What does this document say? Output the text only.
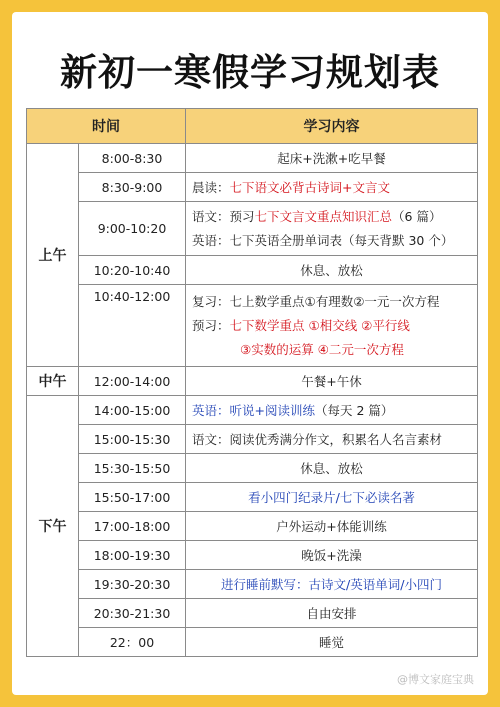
新初一寒假学习规划表
时间		学习内容
上午	8:00-8:30	起床+洗漱+吃早餐
	8:30-9:00	晨读：七下语文必背古诗词+文言文
	9:00-10:20	语文：预习七下文言文重点知识汇总（6 篇）
英语：七下英语全册单词表（每天背默 30 个）

	10:20-10:40	休息、放松
	10:40-12:00	复习：七上数学重点①有理数②一元一次方程
预习：七下数学重点 ①相交线 ②平行线
③实数的运算 ④二元一次方程

中午	12:00-14:00	午餐+午休
下午	14:00-15:00	英语：听说+阅读训练（每天 2 篇）
	15:00-15:30	语文：阅读优秀满分作文，积累名人名言素材
	15:30-15:50	休息、放松
	15:50-17:00	看小四门纪录片/七下必读名著
	17:00-18:00	户外运动+体能训练
	18:00-19:30	晚饭+洗澡
	19:30-20:30	进行睡前默写：古诗文/英语单词/小四门
	20:30-21:30	自由安排
	22：00	睡觉
@博文家庭宝典
